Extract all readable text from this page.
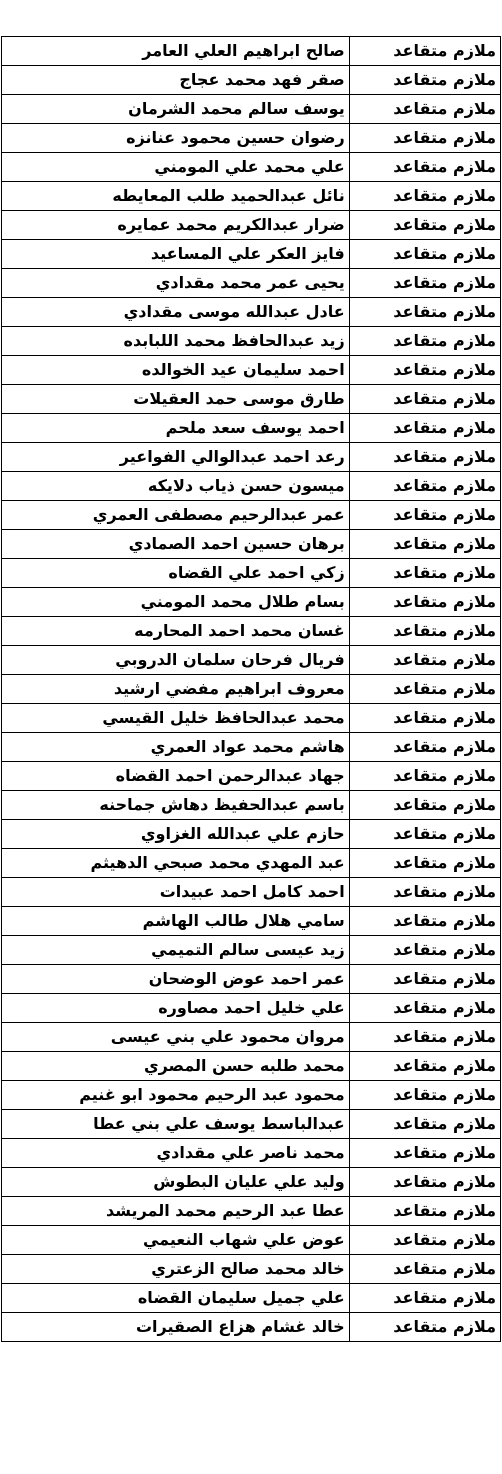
ملازم متقاعد	صالح ابراهيم العلي العامر
ملازم متقاعد	صقر فهد محمد عجاج
ملازم متقاعد	يوسف سالم محمد الشرمان
ملازم متقاعد	رضوان حسين محمود عنانزه
ملازم متقاعد	علي محمد علي المومني
ملازم متقاعد	نائل عبدالحميد طلب المعايطه
ملازم متقاعد	ضرار عبدالكريم محمد عمايره
ملازم متقاعد	فايز العكر علي المساعيد
ملازم متقاعد	يحيى عمر محمد مقدادي
ملازم متقاعد	عادل عبدالله موسى مقدادي
ملازم متقاعد	زيد عبدالحافظ محمد اللبابده
ملازم متقاعد	احمد سليمان عيد الخوالده
ملازم متقاعد	طارق موسى حمد العقيلات
ملازم متقاعد	احمد يوسف سعد ملحم
ملازم متقاعد	رعد احمد عبدالوالي الفواعير
ملازم متقاعد	ميسون حسن ذياب دلايكه
ملازم متقاعد	عمر عبدالرحيم مصطفى العمري
ملازم متقاعد	برهان حسين احمد الصمادي
ملازم متقاعد	زكي احمد علي القضاه
ملازم متقاعد	بسام طلال محمد المومني
ملازم متقاعد	غسان محمد احمد المحارمه
ملازم متقاعد	فريال فرحان سلمان الدروبي
ملازم متقاعد	معروف ابراهيم مفضي ارشيد
ملازم متقاعد	محمد عبدالحافظ خليل القيسي
ملازم متقاعد	هاشم محمد عواد العمري
ملازم متقاعد	جهاد عبدالرحمن احمد القضاه
ملازم متقاعد	باسم عبدالحفيظ دهاش جماحنه
ملازم متقاعد	حازم علي عبدالله الغزاوي
ملازم متقاعد	عبد المهدي محمد صبحي الدهيثم
ملازم متقاعد	احمد كامل احمد عبيدات
ملازم متقاعد	سامي هلال طالب الهاشم
ملازم متقاعد	زيد عيسى سالم التميمي
ملازم متقاعد	عمر احمد عوض الوضحان
ملازم متقاعد	علي خليل احمد مصاوره
ملازم متقاعد	مروان محمود علي بني عيسى
ملازم متقاعد	محمد طلبه حسن المصري
ملازم متقاعد	محمود عبد الرحيم محمود ابو غنيم
ملازم متقاعد	عبدالباسط يوسف علي بني عطا
ملازم متقاعد	محمد ناصر علي مقدادي
ملازم متقاعد	وليد علي عليان البطوش
ملازم متقاعد	عطا عبد الرحيم محمد المريشد
ملازم متقاعد	عوض علي شهاب النعيمي
ملازم متقاعد	خالد محمد صالح الزعتري
ملازم متقاعد	علي جميل سليمان القضاه
ملازم متقاعد	خالد غشام هزاع الصقيرات
